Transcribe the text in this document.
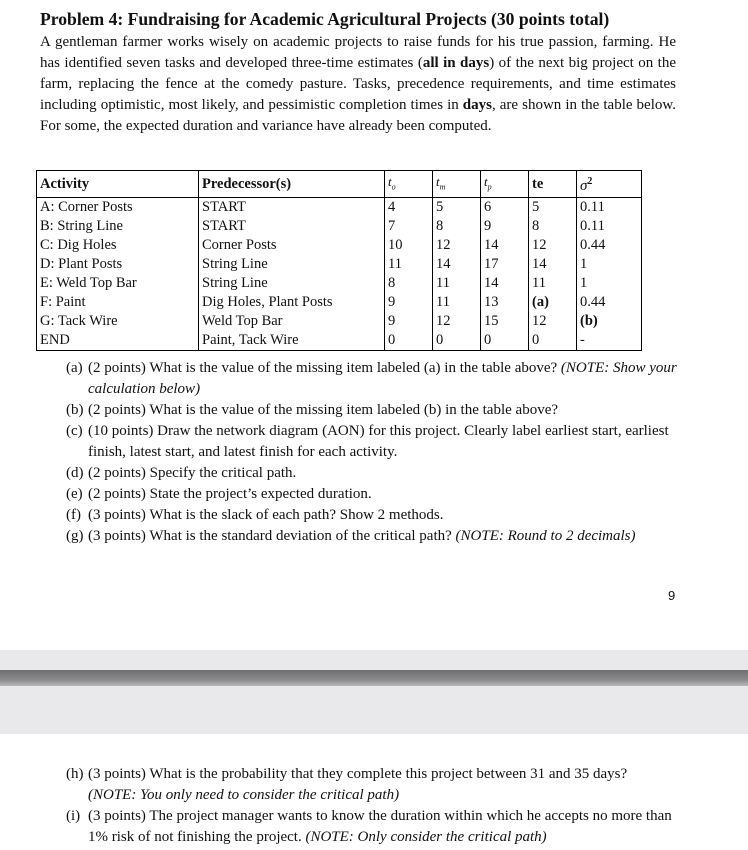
Problem 4: Fundraising for Academic Agricultural Projects (30 points total)

A gentleman farmer works wisely on academic projects to raise funds for his true passion, farming. He has identified seven tasks and developed three-time estimates (all in days) of the next big project on the farm, replacing the fence at the comedy pasture. Tasks, precedence requirements, and time estimates including optimistic, most likely, and pessimistic completion times in days, are shown in the table below. For some, the expected duration and variance have already been computed.

Activity	Predecessor(s)	$t_o$	$t_m$	$t_p$	te	$\sigma^2$
A: Corner Posts	START	4	5	6	5	0.11
B: String Line	START	7	8	9	8	0.11
C: Dig Holes	Corner Posts	10	12	14	12	0.44
D: Plant Posts	String Line	11	14	17	14	1
E: Weld Top Bar	String Line	8	11	14	11	1
F: Paint	Dig Holes, Plant Posts	9	11	13	(a)	0.44
G: Tack Wire	Weld Top Bar	9	12	15	12	(b)
END	Paint, Tack Wire	0	0	0	0	-
(a) (2 points) What is the value of the missing item labeled (a) in the table above? (NOTE: Show your calculation below)
(b) (2 points) What is the value of the missing item labeled (b) in the table above?
(c) (10 points) Draw the network diagram (AON) for this project. Clearly label earliest start, earliest finish, latest start, and latest finish for each activity.
(d) (2 points) Specify the critical path.
(e) (2 points) State the project’s expected duration.
(f) (3 points) What is the slack of each path? Show 2 methods.
(g) (3 points) What is the standard deviation of the critical path? (NOTE: Round to 2 decimals)
9
(h) (3 points) What is the probability that they complete this project between 31 and 35 days? (NOTE: You only need to consider the critical path)
(i) (3 points) The project manager wants to know the duration within which he accepts no more than 1% risk of not finishing the project. (NOTE: Only consider the critical path)
